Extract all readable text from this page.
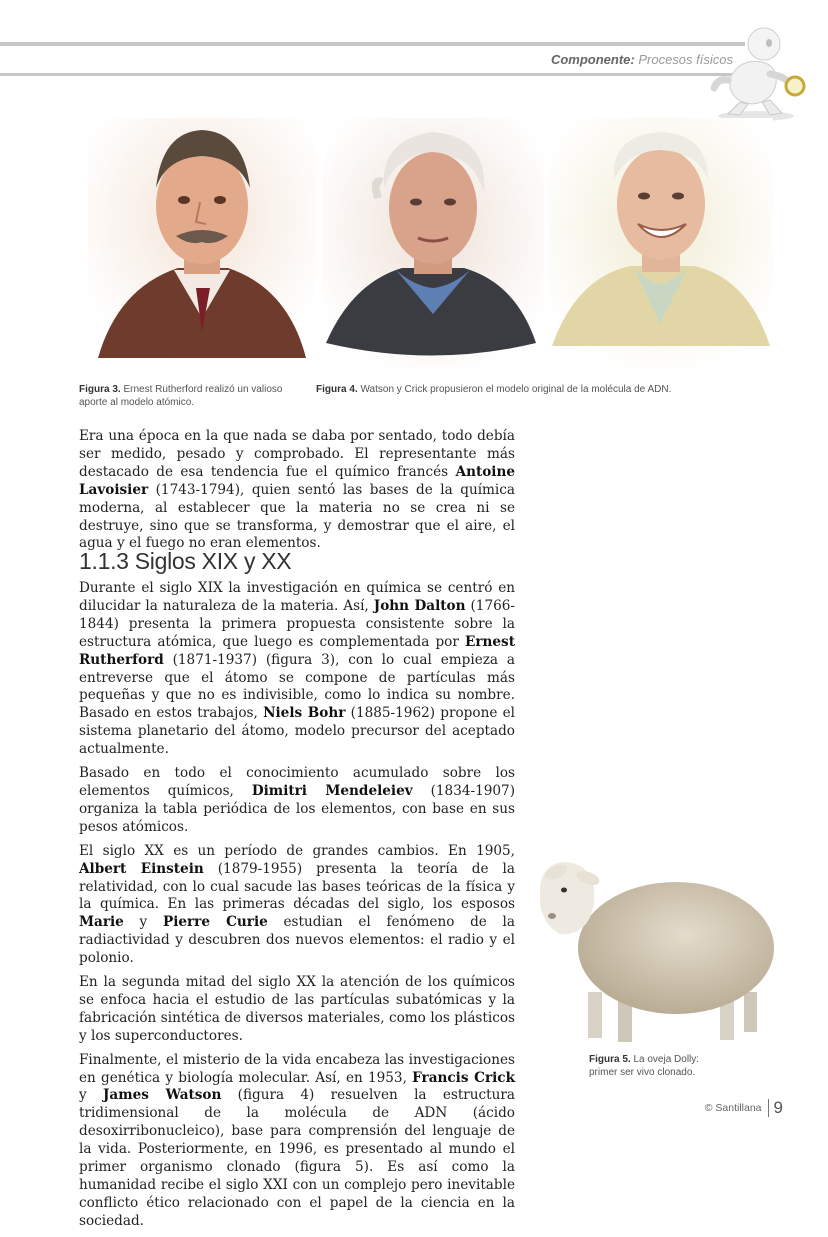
Componente: Procesos físicos
Figura 3. Ernest Rutherford realizó un valioso aporte al modelo atómico.
Figura 4. Watson y Crick propusieron el modelo original de la molécula de ADN.

Era una época en la que nada se daba por sentado, todo debía ser medido, pesado y comprobado. El representante más destacado de esa tendencia fue el químico francés Antoine Lavoisier (1743-1794), quien sentó las bases de la química moderna, al establecer que la materia no se crea ni se destruye, sino que se transforma, y demostrar que el aire, el agua y el fuego no eran elementos.

1.1.3 Siglos XIX y XX

Durante el siglo XIX la investigación en química se centró en dilucidar la naturaleza de la materia. Así, John Dalton (1766-1844) presenta la primera propuesta consistente sobre la estructura atómica, que luego es complementada por Ernest Rutherford (1871-1937) (figura 3), con lo cual empieza a entreverse que el átomo se compone de partículas más pequeñas y que no es indivisible, como lo indica su nombre. Basado en estos trabajos, Niels Bohr (1885-1962) propone el sistema planetario del átomo, modelo precursor del aceptado actualmente.

Basado en todo el conocimiento acumulado sobre los elementos químicos, Dimitri Mendeleiev (1834-1907) organiza la tabla periódica de los elementos, con base en sus pesos atómicos.

El siglo XX es un período de grandes cambios. En 1905, Albert Einstein (1879-1955) presenta la teoría de la relatividad, con lo cual sacude las bases teóricas de la física y la química. En las primeras décadas del siglo, los esposos Marie y Pierre Curie estudian el fenómeno de la radiactividad y descubren dos nuevos elementos: el radio y el polonio.

En la segunda mitad del siglo XX la atención de los químicos se enfoca hacia el estudio de las partículas subatómicas y la fabricación sintética de diversos materiales, como los plásticos y los superconductores.

Finalmente, el misterio de la vida encabeza las investigaciones en genética y biología molecular. Así, en 1953, Francis Crick y James Watson (figura 4) resuelven la estructura tridimensional de la molécula de ADN (ácido desoxirribonucleico), base para comprensión del lenguaje de la vida. Posteriormente, en 1996, es presentado al mundo el primer organismo clonado (figura 5). Es así como la humanidad recibe el siglo XXI con un complejo pero inevitable conflicto ético relacionado con el papel de la ciencia en la sociedad.

Figura 5. La oveja Dolly: primer ser vivo clonado.
© Santillana 9
